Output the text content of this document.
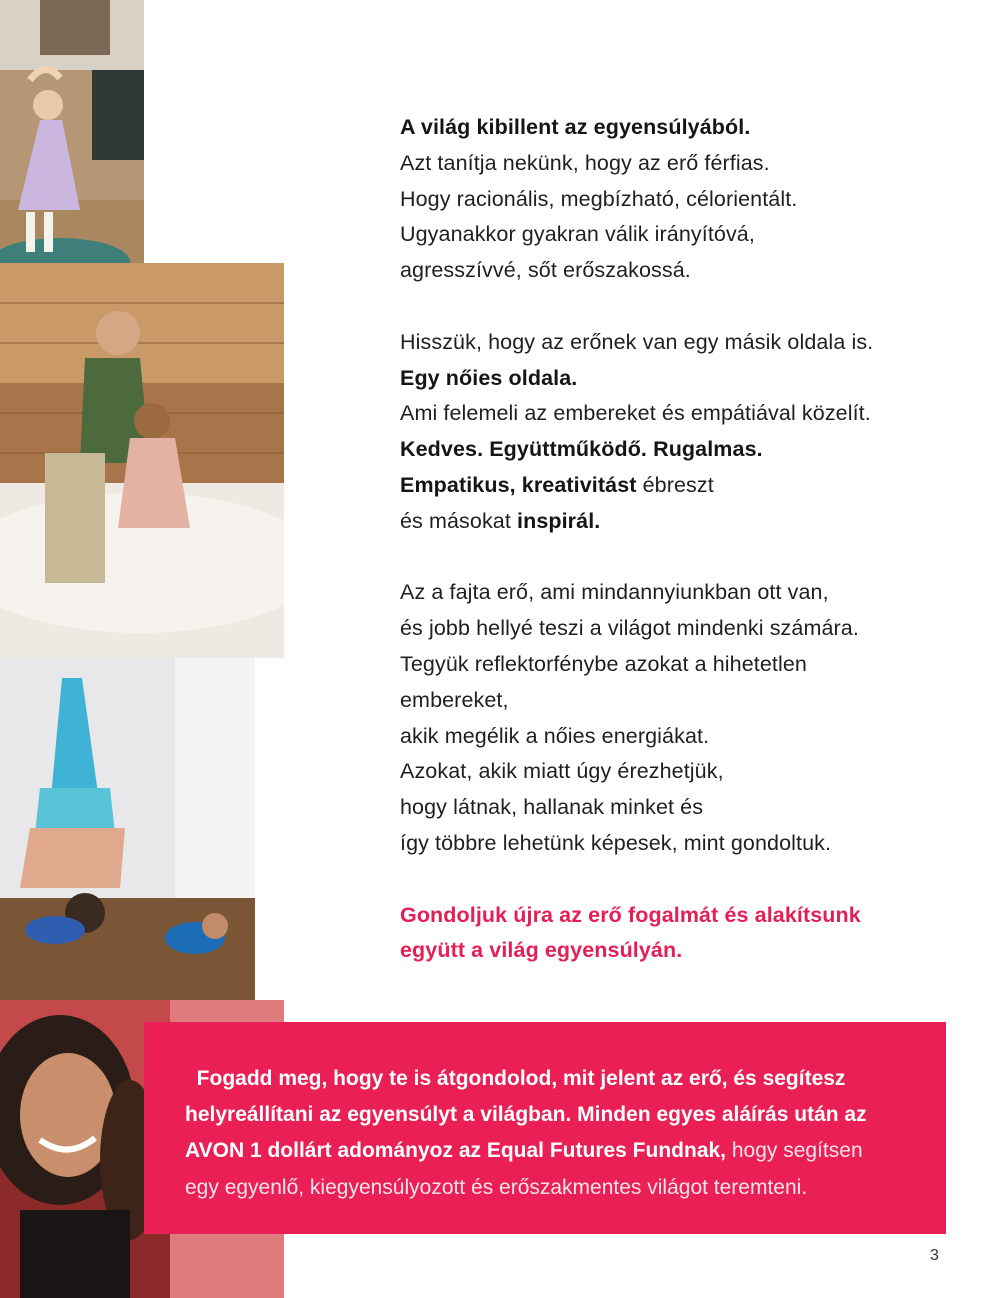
A világ kibillent az egyensúlyából.
Azt tanítja nekünk, hogy az erő férfias.
Hogy racionális, megbízható, célorientált.
Ugyanakkor gyakran válik irányítóvá,
agresszívvé, sőt erőszakossá.

Hisszük, hogy az erőnek van egy másik oldala is.
Egy nőies oldala.
Ami felemeli az embereket és empátiával közelít.
Kedves. Együttműködő. Rugalmas.
Empatikus, kreativitást ébreszt
és másokat inspirál.

Az a fajta erő, ami mindannyiunkban ott van,
és jobb hellyé teszi a világot mindenki számára.
Tegyük reflektorfénybe azokat a hihetetlen
embereket,
akik megélik a nőies energiákat.
Azokat, akik miatt úgy érezhetjük,
hogy látnak, hallanak minket és
így többre lehetünk képesek, mint gondoltuk.

Gondoljuk újra az erő fogalmát és alakítsunk
együtt a világ egyensúlyán.

Fogadd meg, hogy te is átgondolod, mit jelent az erő, és segítesz
helyreállítani az egyensúlyt a világban. Minden egyes aláírás után az
AVON 1 dollárt adományoz az Equal Futures Fundnak, hogy segítsen
egy egyenlő, kiegyensúlyozott és erőszakmentes világot teremteni.
3
